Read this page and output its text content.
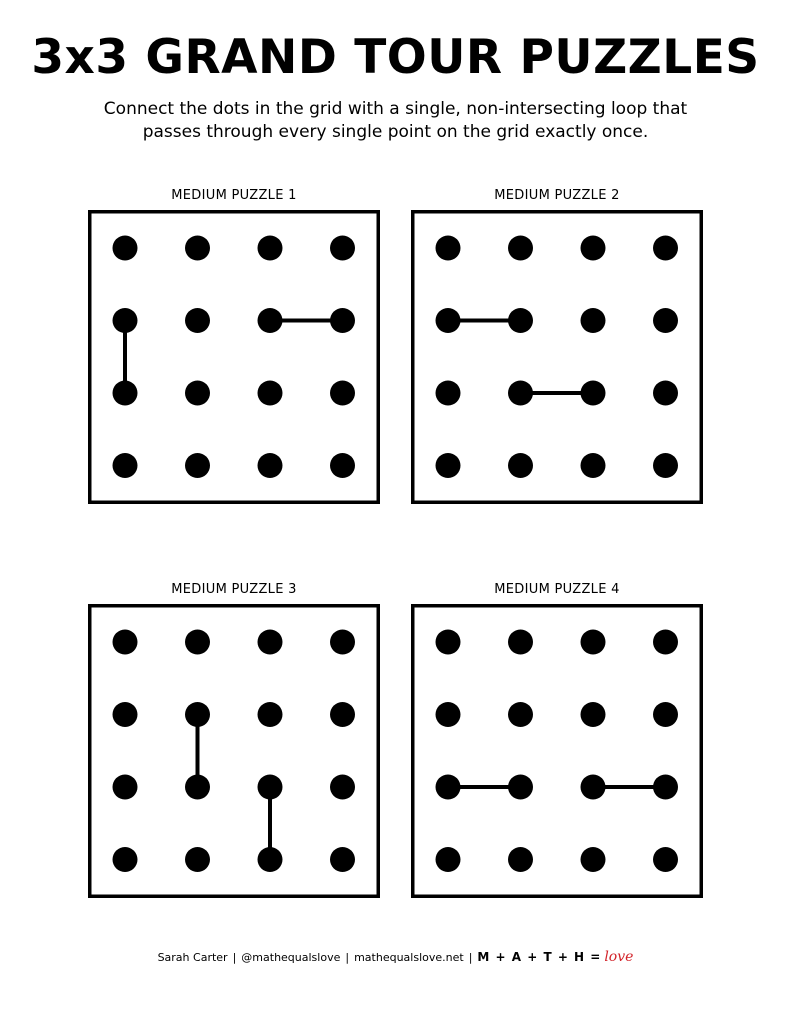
3x3 GRAND TOUR PUZZLES

Connect the dots in the grid with a single, non-intersecting loop that
passes through every single point on the grid exactly once.

MEDIUM PUZZLE 1	MEDIUM PUZZLE 2
MEDIUM PUZZLE 3	MEDIUM PUZZLE 4
Sarah Carter | @mathequalslove | mathequalslove.net | M + A + T + H = love
